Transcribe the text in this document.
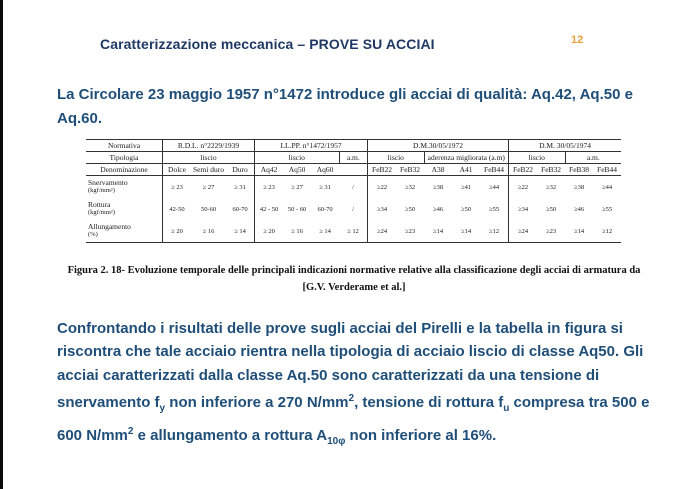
Caratterizzazione meccanica – PROVE SU ACCIAI	12
La Circolare 23 maggio 1957 n°1472 introduce gli acciai di qualità: Aq.42, Aq.50 e Aq.60.
Normativa	R.D.L. n°2229/1939			LL.PP. n°1472/1957				D.M.30/05/1972					D.M. 30/05/1974			
Tipologia	liscio			liscio			a.m.	liscio		aderenza migliorata (a.m)			liscio		a.m.	
Denominazione	Dolce	Semi duro	Duro	Aq42	Aq50	Aq60		FeB22	FeB32	A38	A41	FeB44	FeB22	FeB32	FeB38	FeB44

Snervamento
(kgf/mm²)	≥ 23	≥ 27	≥ 31	≥ 23	≥ 27	≥ 31	/	≥22	≥32	≥38	≥41	≥44	≥22	≥32	≥38	≥44

Rottura
(kgf/mm²)	42-50	50-60	60-70	42 - 50	50 - 60	60-70	/	≥34	≥50	≥46	≥50	≥55	≥34	≥50	≥46	≥55

Allungamento
(%)	≥ 20	≥ 16	≥ 14	≥ 20	≥ 16	≥ 14	≥ 12	≥24	≥23	≥14	≥14	≥12	≥24	≥23	≥14	≥12
Figura 2. 18- Evoluzione temporale delle principali indicazioni normative relative alla classificazione degli acciai di armatura da [G.V. Verderame et al.]
Confrontando i risultati delle prove sugli acciai del Pirelli e la tabella in figura si riscontra che tale acciaio rientra nella tipologia di acciaio liscio di classe Aq50. Gli acciai caratterizzati dalla classe Aq.50 sono caratterizzati da una tensione di snervamento $f_y$ non inferiore a 270 $N/mm^2$, tensione di rottura $f_u$ compresa tra 500 e 600 $N/mm^2$ e allungamento a rottura $A_{10\varphi}$ non inferiore al 16%.
